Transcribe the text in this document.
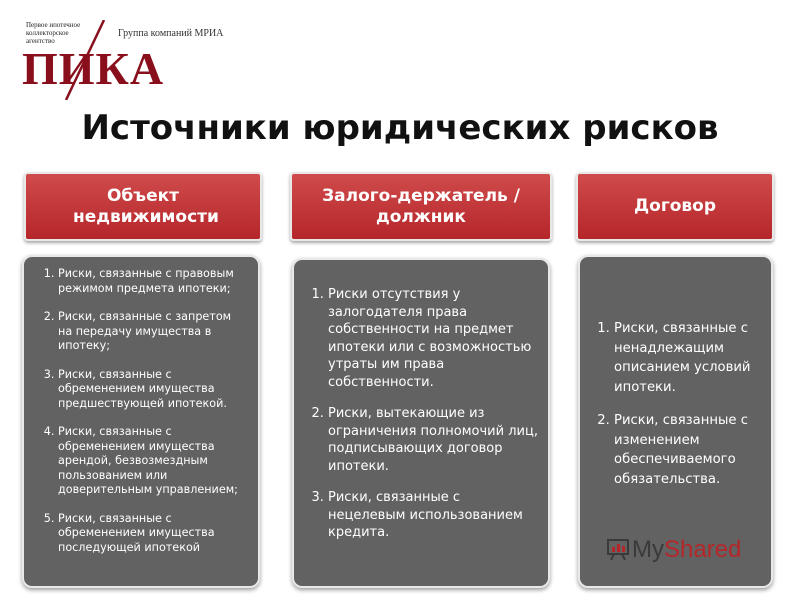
Первое ипотечное коллекторское агентство
Группа компаний МРИА
ПИКА
Источники юридических рисков
Объект недвижимости
Залого-держатель / должник
Договор
1. Риски, связанные с правовым режимом предмета ипотеки;
2. Риски, связанные с запретом на передачу имущества в ипотеку;
3. Риски, связанные с обременением имущества предшествующей ипотекой.
4. Риски, связанные с обременением имущества арендой, безвозмездным пользованием или доверительным управлением;
5. Риски, связанные с обременением имущества последующей ипотекой
1. Риски отсутствия у залогодателя права собственности на предмет ипотеки или с возможностью утраты им права собственности.
2. Риски, вытекающие из ограничения полномочий лиц, подписывающих договор ипотеки.
3. Риски, связанные с нецелевым использованием кредита.
1. Риски, связанные с ненадлежащим описанием условий ипотеки.
2. Риски, связанные с изменением обеспечиваемого обязательства.
MyShared
